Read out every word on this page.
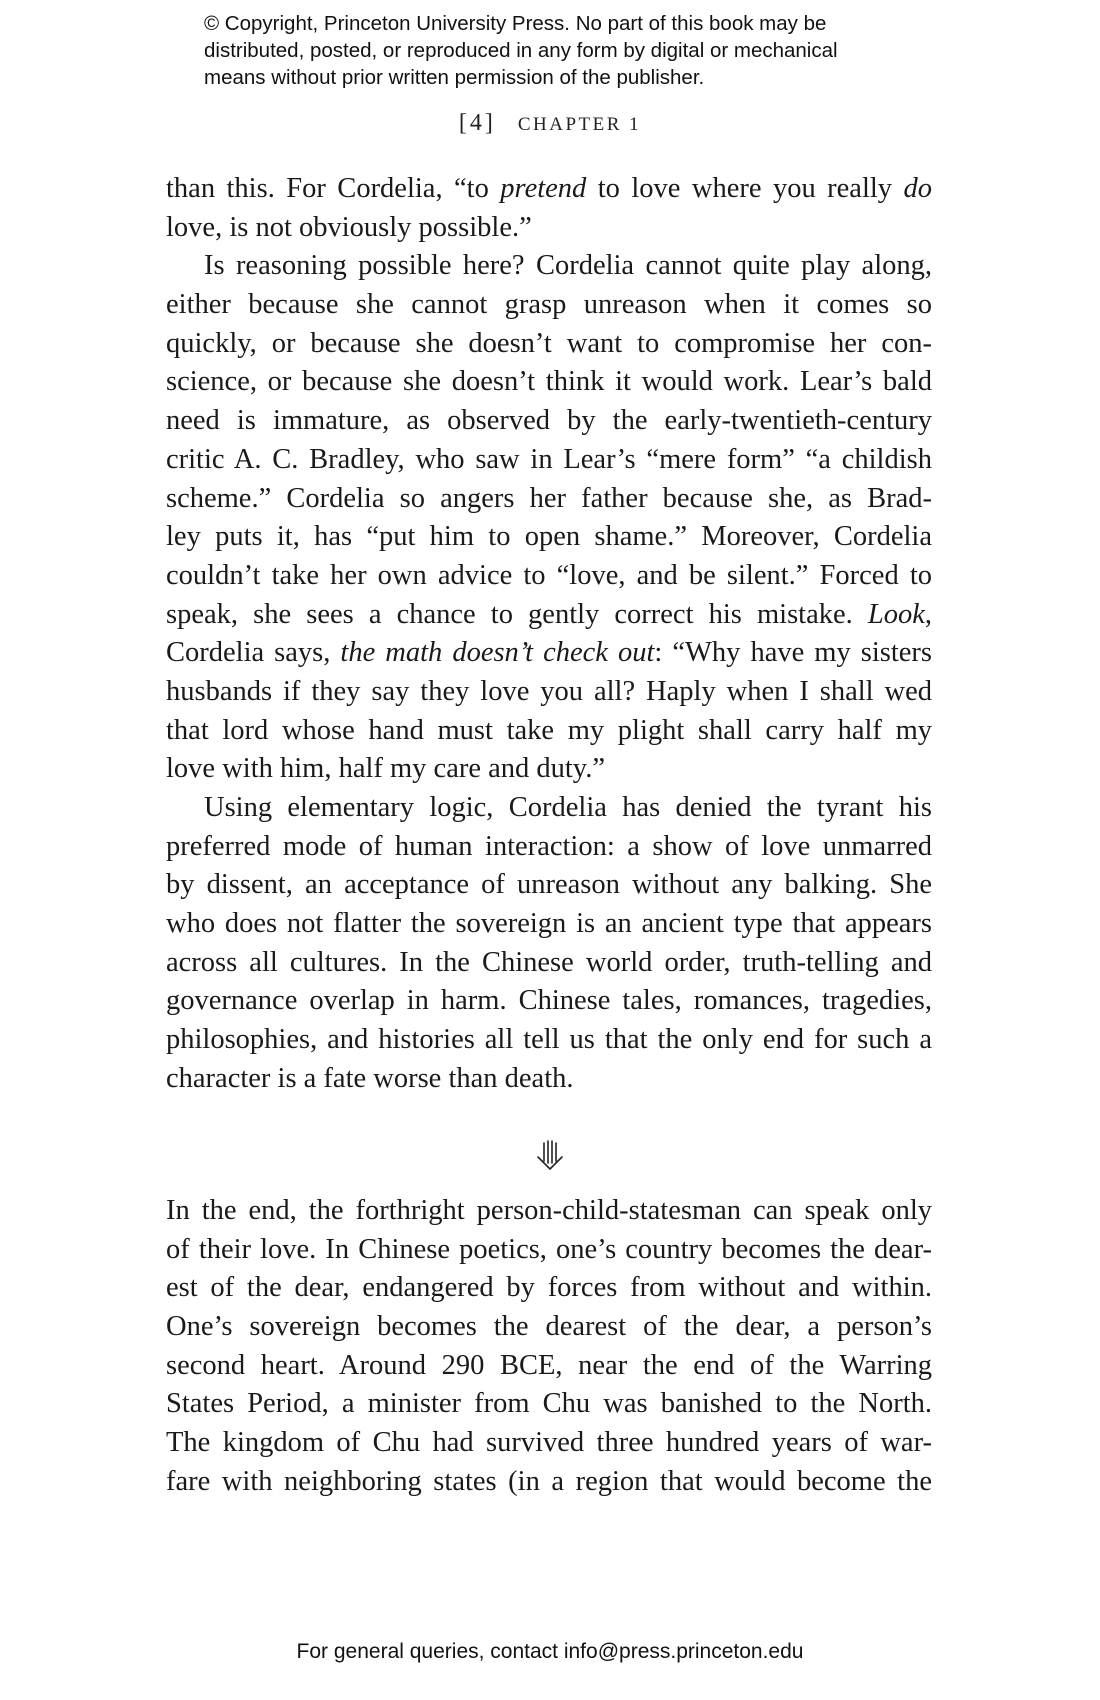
© Copyright, Princeton University Press. No part of this book may be
distributed, posted, or reproduced in any form by digital or mechanical
means without prior written permission of the publisher.
[4] CHAPTER 1
than this. For Cordelia, “to pretend to love where you really do
love, is not obviously possible.”
Is reasoning possible here? Cordelia cannot quite play along,
either because she cannot grasp unreason when it comes so
quickly, or because she doesn’t want to compromise her con-
science, or because she doesn’t think it would work. Lear’s bald
need is immature, as observed by the early-twentieth-century
critic A. C. Bradley, who saw in Lear’s “mere form” “a childish
scheme.” Cordelia so angers her father because she, as Brad-
ley puts it, has “put him to open shame.” Moreover, Cordelia
couldn’t take her own advice to “love, and be silent.” Forced to
speak, she sees a chance to gently correct his mistake. Look,
Cordelia says, the math doesn’t check out: “Why have my sisters
husbands if they say they love you all? Haply when I shall wed
that lord whose hand must take my plight shall carry half my
love with him, half my care and duty.”
Using elementary logic, Cordelia has denied the tyrant his
preferred mode of human interaction: a show of love unmarred
by dissent, an acceptance of unreason without any balking. She
who does not flatter the sovereign is an ancient type that appears
across all cultures. In the Chinese world order, truth-telling and
governance overlap in harm. Chinese tales, romances, tragedies,
philosophies, and histories all tell us that the only end for such a
character is a fate worse than death.
In the end, the forthright person-child-statesman can speak only
of their love. In Chinese poetics, one’s country becomes the dear-
est of the dear, endangered by forces from without and within.
One’s sovereign becomes the dearest of the dear, a person’s
second heart. Around 290 BCE, near the end of the Warring
States Period, a minister from Chu was banished to the North.
The kingdom of Chu had survived three hundred years of war-
fare with neighboring states (in a region that would become the
For general queries, contact info@press.princeton.edu
